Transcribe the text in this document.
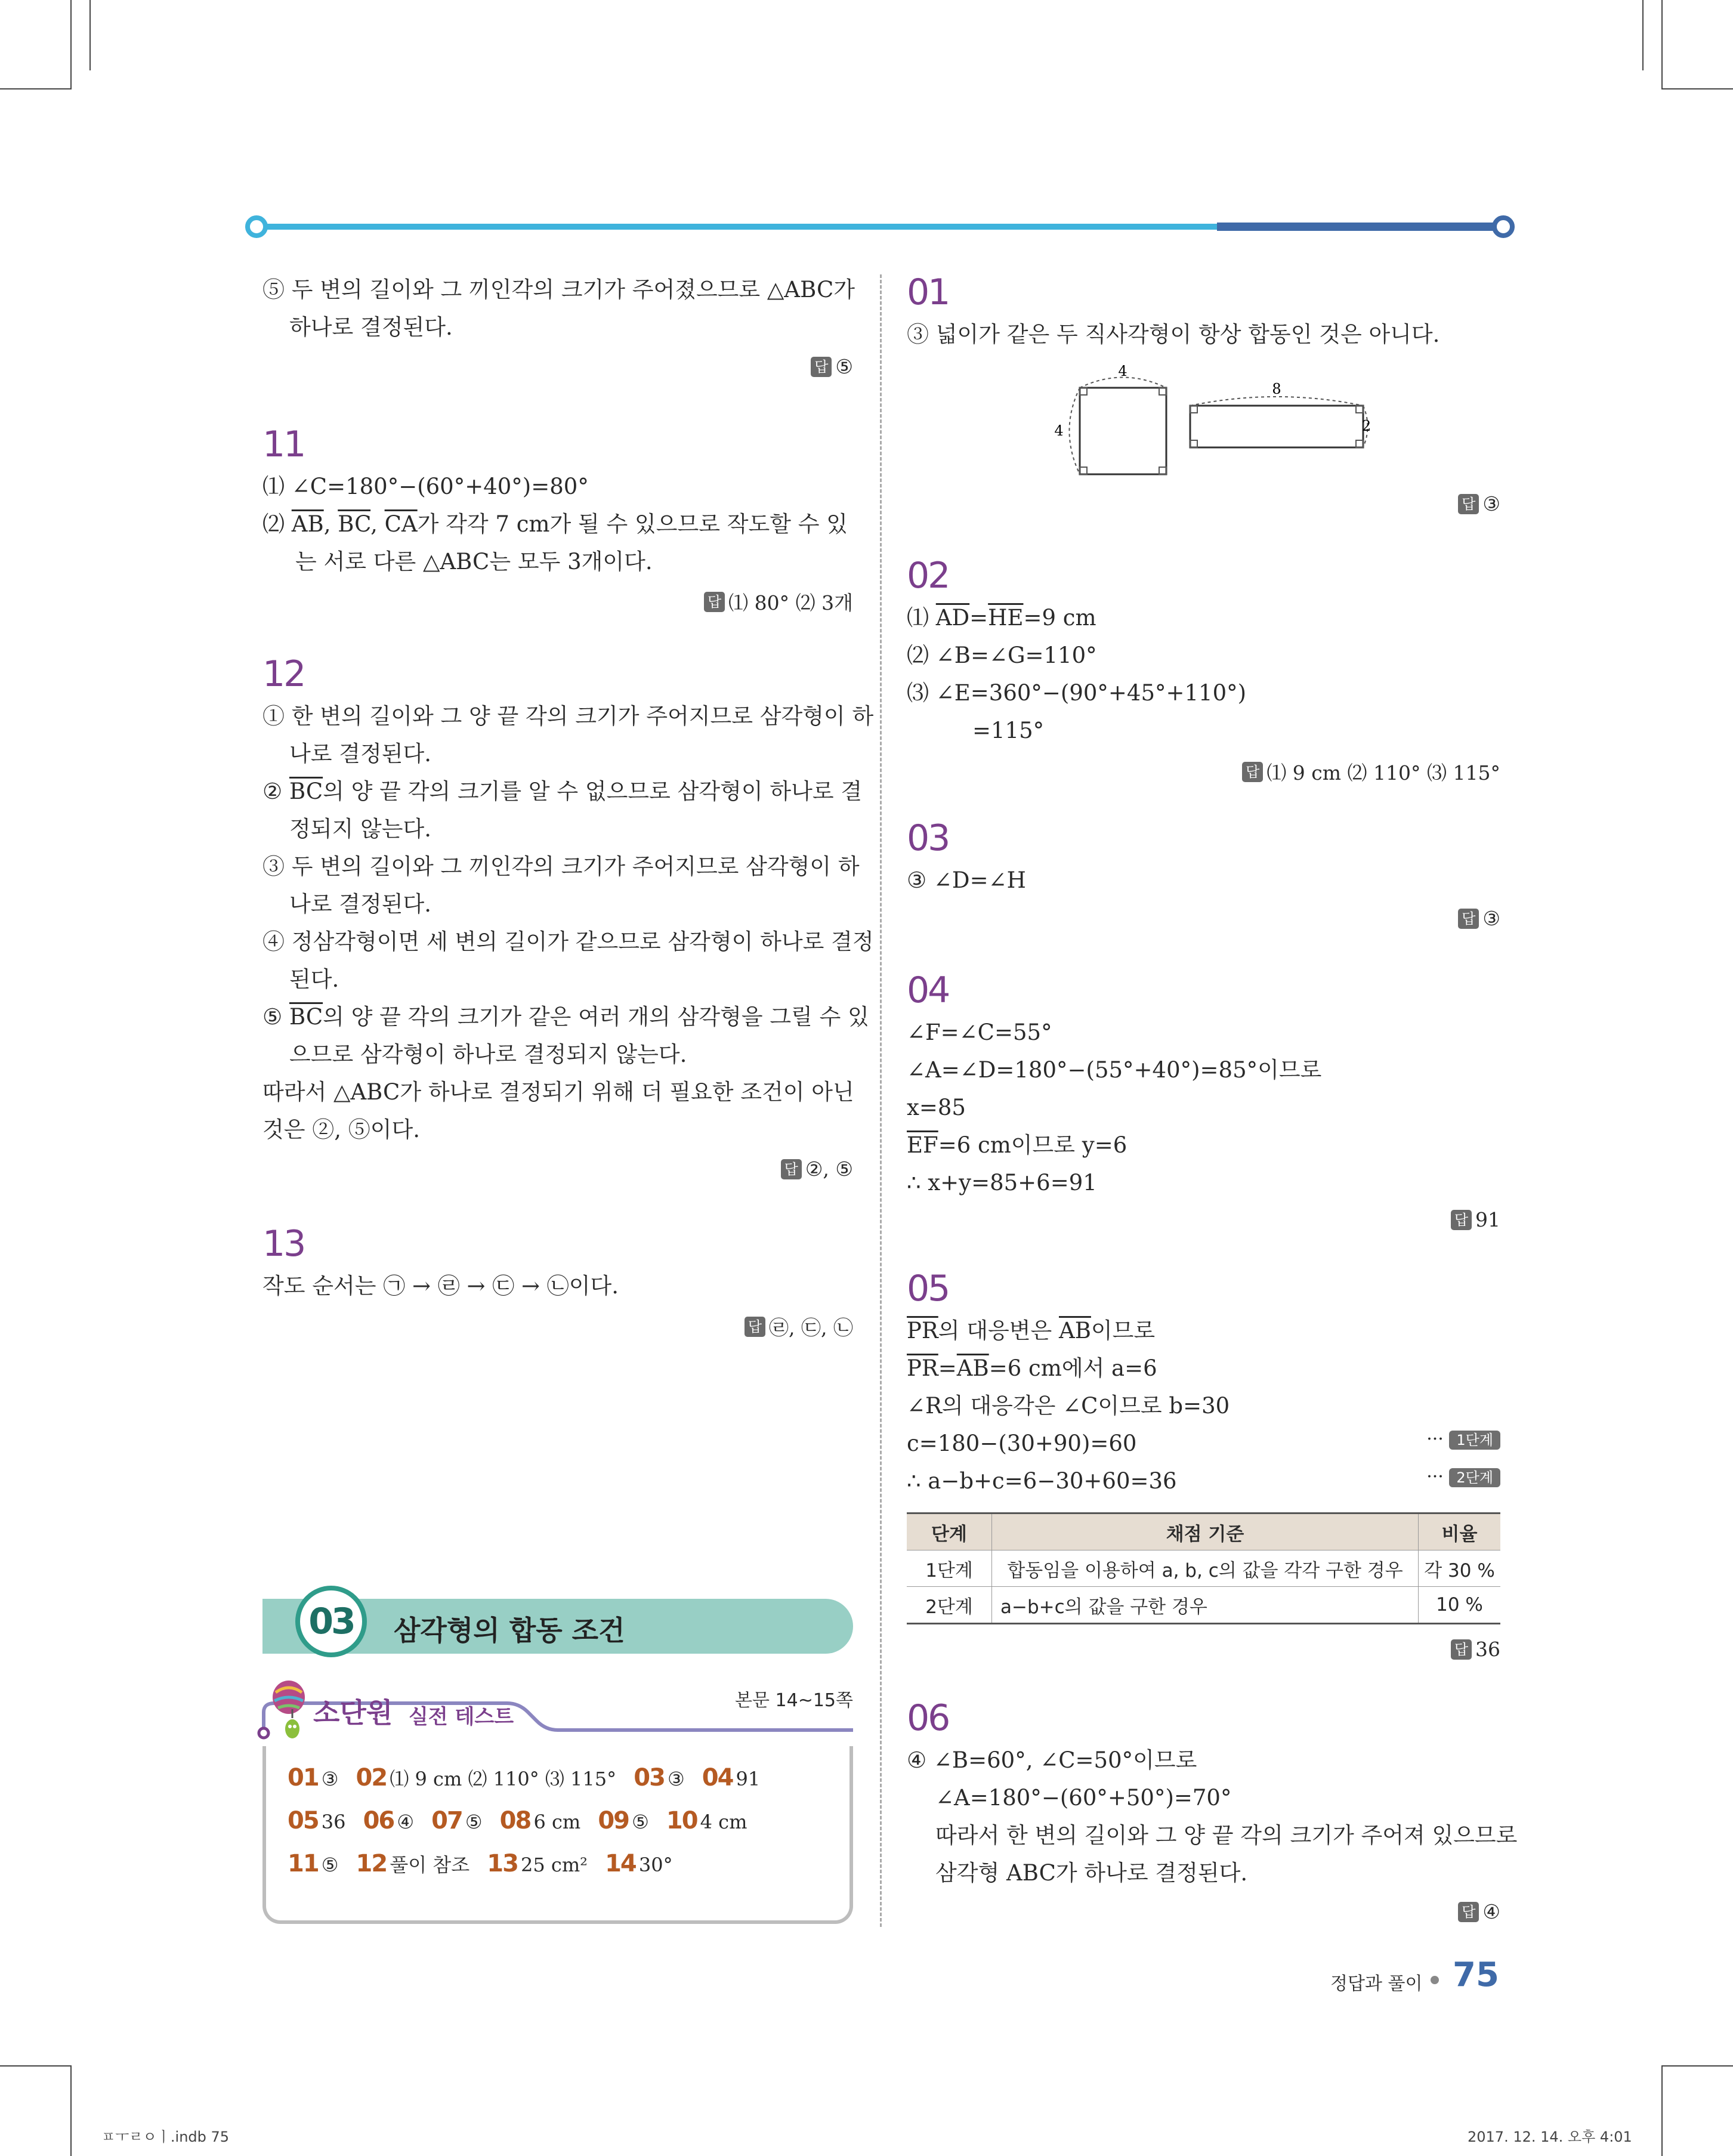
⑤ 두 변의 길이와 그 끼인각의 크기가 주어졌으므로 △ABC가
하나로 결정된다.
답 ⑤
11
⑴ ∠C=180°−(60°+40°)=80°
⑵ $\overline{AB}$, $\overline{BC}$, $\overline{CA}$가 각각 7 cm가 될 수 있으므로 작도할 수 있
는 서로 다른 △ABC는 모두 3개이다.
답 ⑴ 80° ⑵ 3개
12
① 한 변의 길이와 그 양 끝 각의 크기가 주어지므로 삼각형이 하
나로 결정된다.
② $\overline{BC}$의 양 끝 각의 크기를 알 수 없으므로 삼각형이 하나로 결
정되지 않는다.
③ 두 변의 길이와 그 끼인각의 크기가 주어지므로 삼각형이 하
나로 결정된다.
④ 정삼각형이면 세 변의 길이가 같으므로 삼각형이 하나로 결정
된다.
⑤ $\overline{BC}$의 양 끝 각의 크기가 같은 여러 개의 삼각형을 그릴 수 있
으므로 삼각형이 하나로 결정되지 않는다.
따라서 △ABC가 하나로 결정되기 위해 더 필요한 조건이 아닌
것은 ②, ⑤이다.
답 ②, ⑤
13
작도 순서는 ㉠ → ㉣ → ㉢ → ㉡이다.
답 ㉣, ㉢, ㉡
03	삼각형의 합동 조건
소단원 실전 테스트
본문 14~15쪽
01 ③ 02 ⑴ 9 cm ⑵ 110° ⑶ 115° 03 ③ 04 91
05 36 06 ④ 07 ⑤ 08 6 cm 09 ⑤ 10 4 cm
11 ⑤ 12 풀이 참조 13 25 cm² 14 30°
01
③ 넓이가 같은 두 직사각형이 항상 합동인 것은 아니다.
4
4
8
2
답 ③
02
⑴ $\overline{AD}=\overline{HE}=9$ cm
⑵ ∠B=∠G=110°
⑶ ∠E=360°−(90°+45°+110°)
=115°
답 ⑴ 9 cm ⑵ 110° ⑶ 115°
03
③ ∠D=∠H
답 ③
04
∠F=∠C=55°
∠A=∠D=180°−(55°+40°)=85°이므로
x=85
$\overline{EF}=6$ cm이므로 y=6
∴ x+y=85+6=91
답 91
05
$\overline{PR}$의 대응변은 $\overline{AB}$이므로
$\overline{PR}=\overline{AB}=6$ cm에서 a=6
∠R의 대응각은 ∠C이므로 b=30
c=180−(30+90)=60	··· 1단계
∴ a−b+c=6−30+60=36	··· 2단계
단계	채점 기준	비율
1단계	합동임을 이용하여 a, b, c의 값을 각각 구한 경우	각 30 %
2단계	a−b+c의 값을 구한 경우	10 %
답 36
06
④ ∠B=60°, ∠C=50°이므로
∠A=180°−(60°+50°)=70°
따라서 한 변의 길이와 그 양 끝 각의 크기가 주어져 있으므로
삼각형 ABC가 하나로 결정된다.
답 ④
정답과 풀이 75
ㅍㅜㄹㅇㅣ.indb 75	2017. 12. 14. 오후 4:01
